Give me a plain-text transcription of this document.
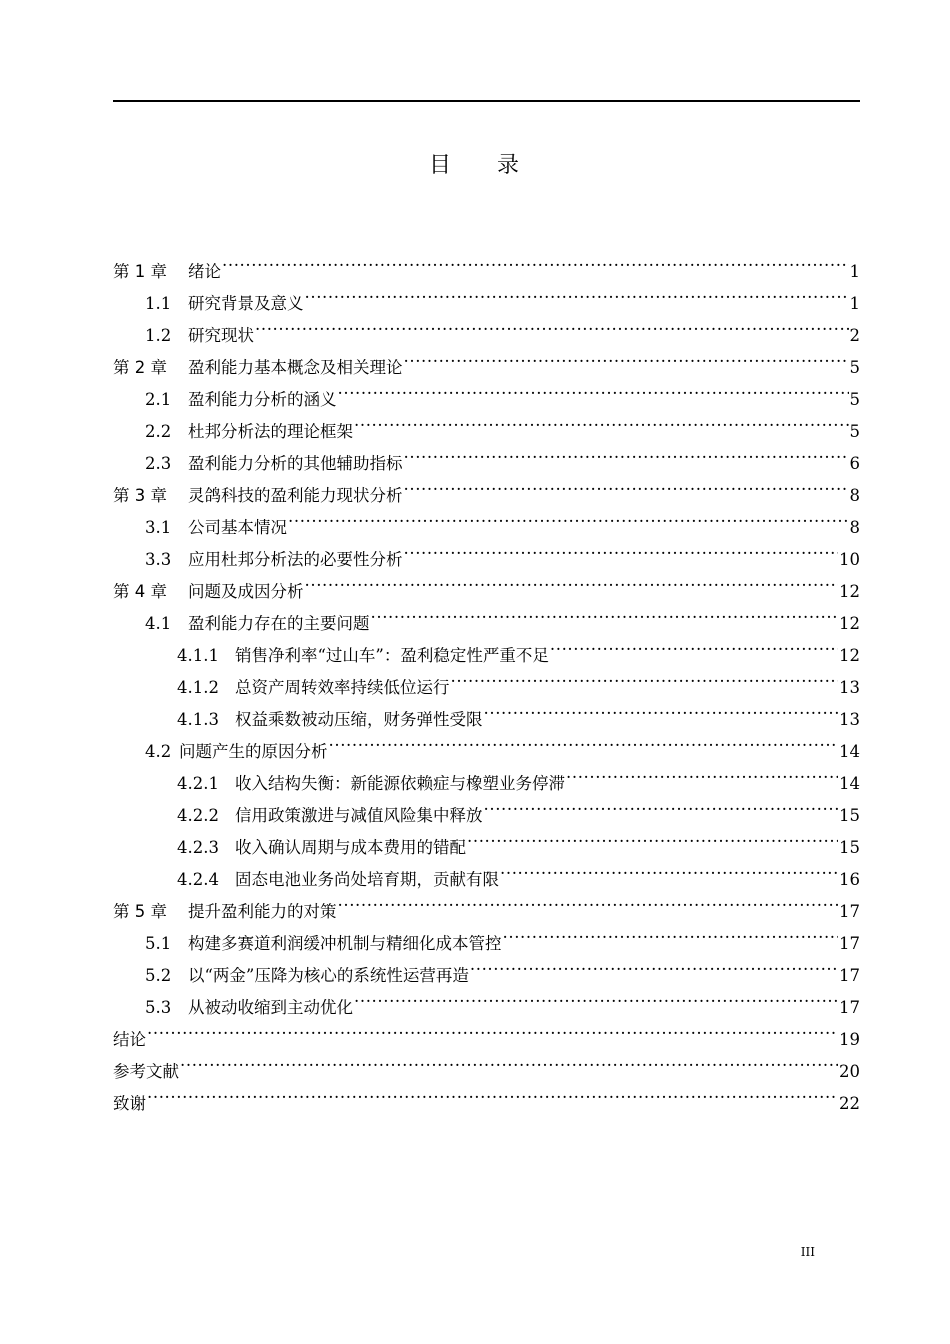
目 录
第 1 章	绪论 .....	1
1.1	研究背景及意义 .....	1
1.2	研究现状 .....	2
第 2 章	盈利能力基本概念及相关理论 .....	5
2.1	盈利能力分析的涵义 .....	5
2.2	杜邦分析法的理论框架 .....	5
2.3	盈利能力分析的其他辅助指标 .....	6
第 3 章	灵鸽科技的盈利能力现状分析 .....	8
3.1	公司基本情况 .....	8
3.3	应用杜邦分析法的必要性分析 .....	10
第 4 章	问题及成因分析 .....	12
4.1	盈利能力存在的主要问题 .....	12
4.1.1 销售净利率“过山车”：盈利稳定性严重不足 .....	12
4.1.2 总资产周转效率持续低位运行 .....	13
4.1.3 权益乘数被动压缩，财务弹性受限 .....	13
4.2 问题产生的原因分析 .....	14
4.2.1 收入结构失衡：新能源依赖症与橡塑业务停滞 .....	14
4.2.2 信用政策激进与减值风险集中释放 .....	15
4.2.3 收入确认周期与成本费用的错配 .....	15
4.2.4 固态电池业务尚处培育期，贡献有限 .....	16
第 5 章	提升盈利能力的对策 .....	17
5.1	构建多赛道利润缓冲机制与精细化成本管控 .....	17
5.2	以“两金”压降为核心的系统性运营再造 .....	17
5.3	从被动收缩到主动优化 .....	17
结论 .....	19
参考文献 .....	20
致谢 .....	22
III
